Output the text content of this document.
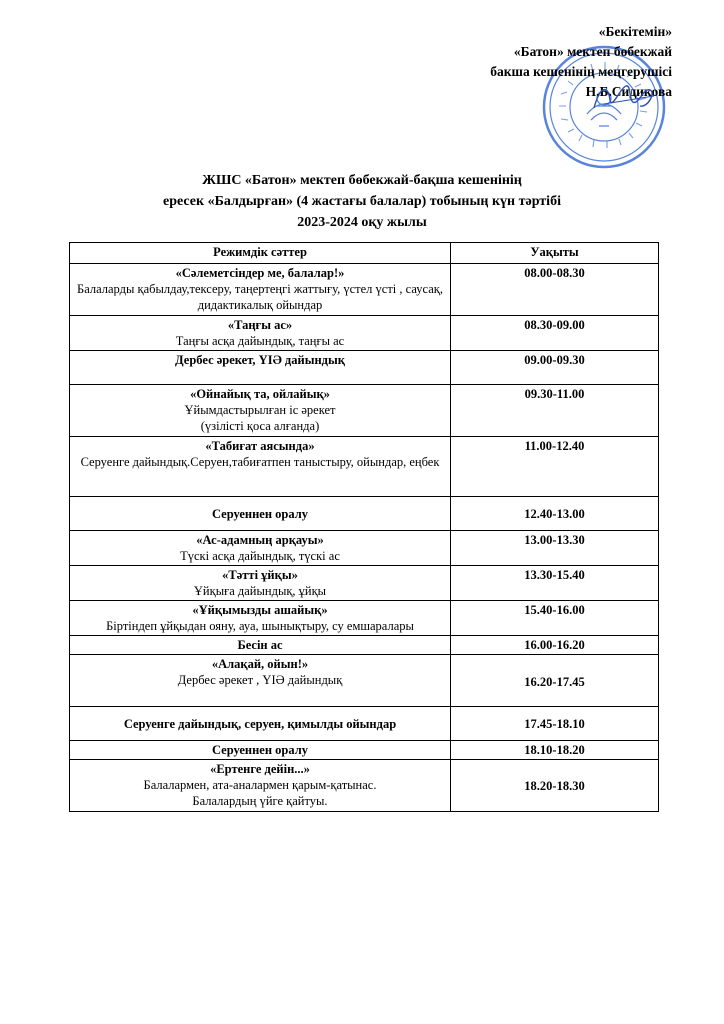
«Бекітемін»
«Батон» мектеп бөбекжай
бакша кешенінің меңгерушісі
Н.Б.Сидикова
ЖШС «Батон» мектеп бөбекжай-бақша кешенінің
ересек «Балдырған» (4 жастағы балалар) тобының күн тәртібі
2023-2024 оқу жылы
Режимдік сәттер	Уақыты

«Сәлеметсіндер ме, балалар!»
Балаларды қабылдау,тексеру, таңертеңгі жаттығу, үстел үсті , саусақ, дидактикалық ойындар	08.00-08.30

«Таңғы ас»
Таңғы асқа дайындық, таңғы ас	08.30-09.00

Дербес әрекет, ҮІӘ дайындық	09.00-09.30

«Ойнайық та, ойлайық»
Ұйымдастырылған іс әрекет
(үзілісті қоса алғанда)	09.30-11.00

«Табиғат аясында»
Серуенге дайындық.Серуен,табиғатпен таныстыру, ойындар, еңбек	11.00-12.40

Серуеннен оралу	12.40-13.00

«Ас-адамның арқауы»
Түскі асқа дайындық, түскі ас	13.00-13.30

«Тәтті ұйқы»
Ұйқыға дайындық, ұйқы	13.30-15.40

«Ұйқымызды ашайық»
Біртіндеп ұйқыдан ояну, ауа, шынықтыру, су емшаралары	15.40-16.00

Бесін ас	16.00-16.20

«Алақай, ойын!»
Дербес әрекет , ҮІӘ дайындық	16.20-17.45

Серуенге дайындық, серуен, қимылды ойындар	17.45-18.10

Серуеннен оралу	18.10-18.20

«Ертенге дейін...»
Балалармен, ата-аналармен қарым-қатынас.
Балалардың үйге қайтуы.	18.20-18.30
